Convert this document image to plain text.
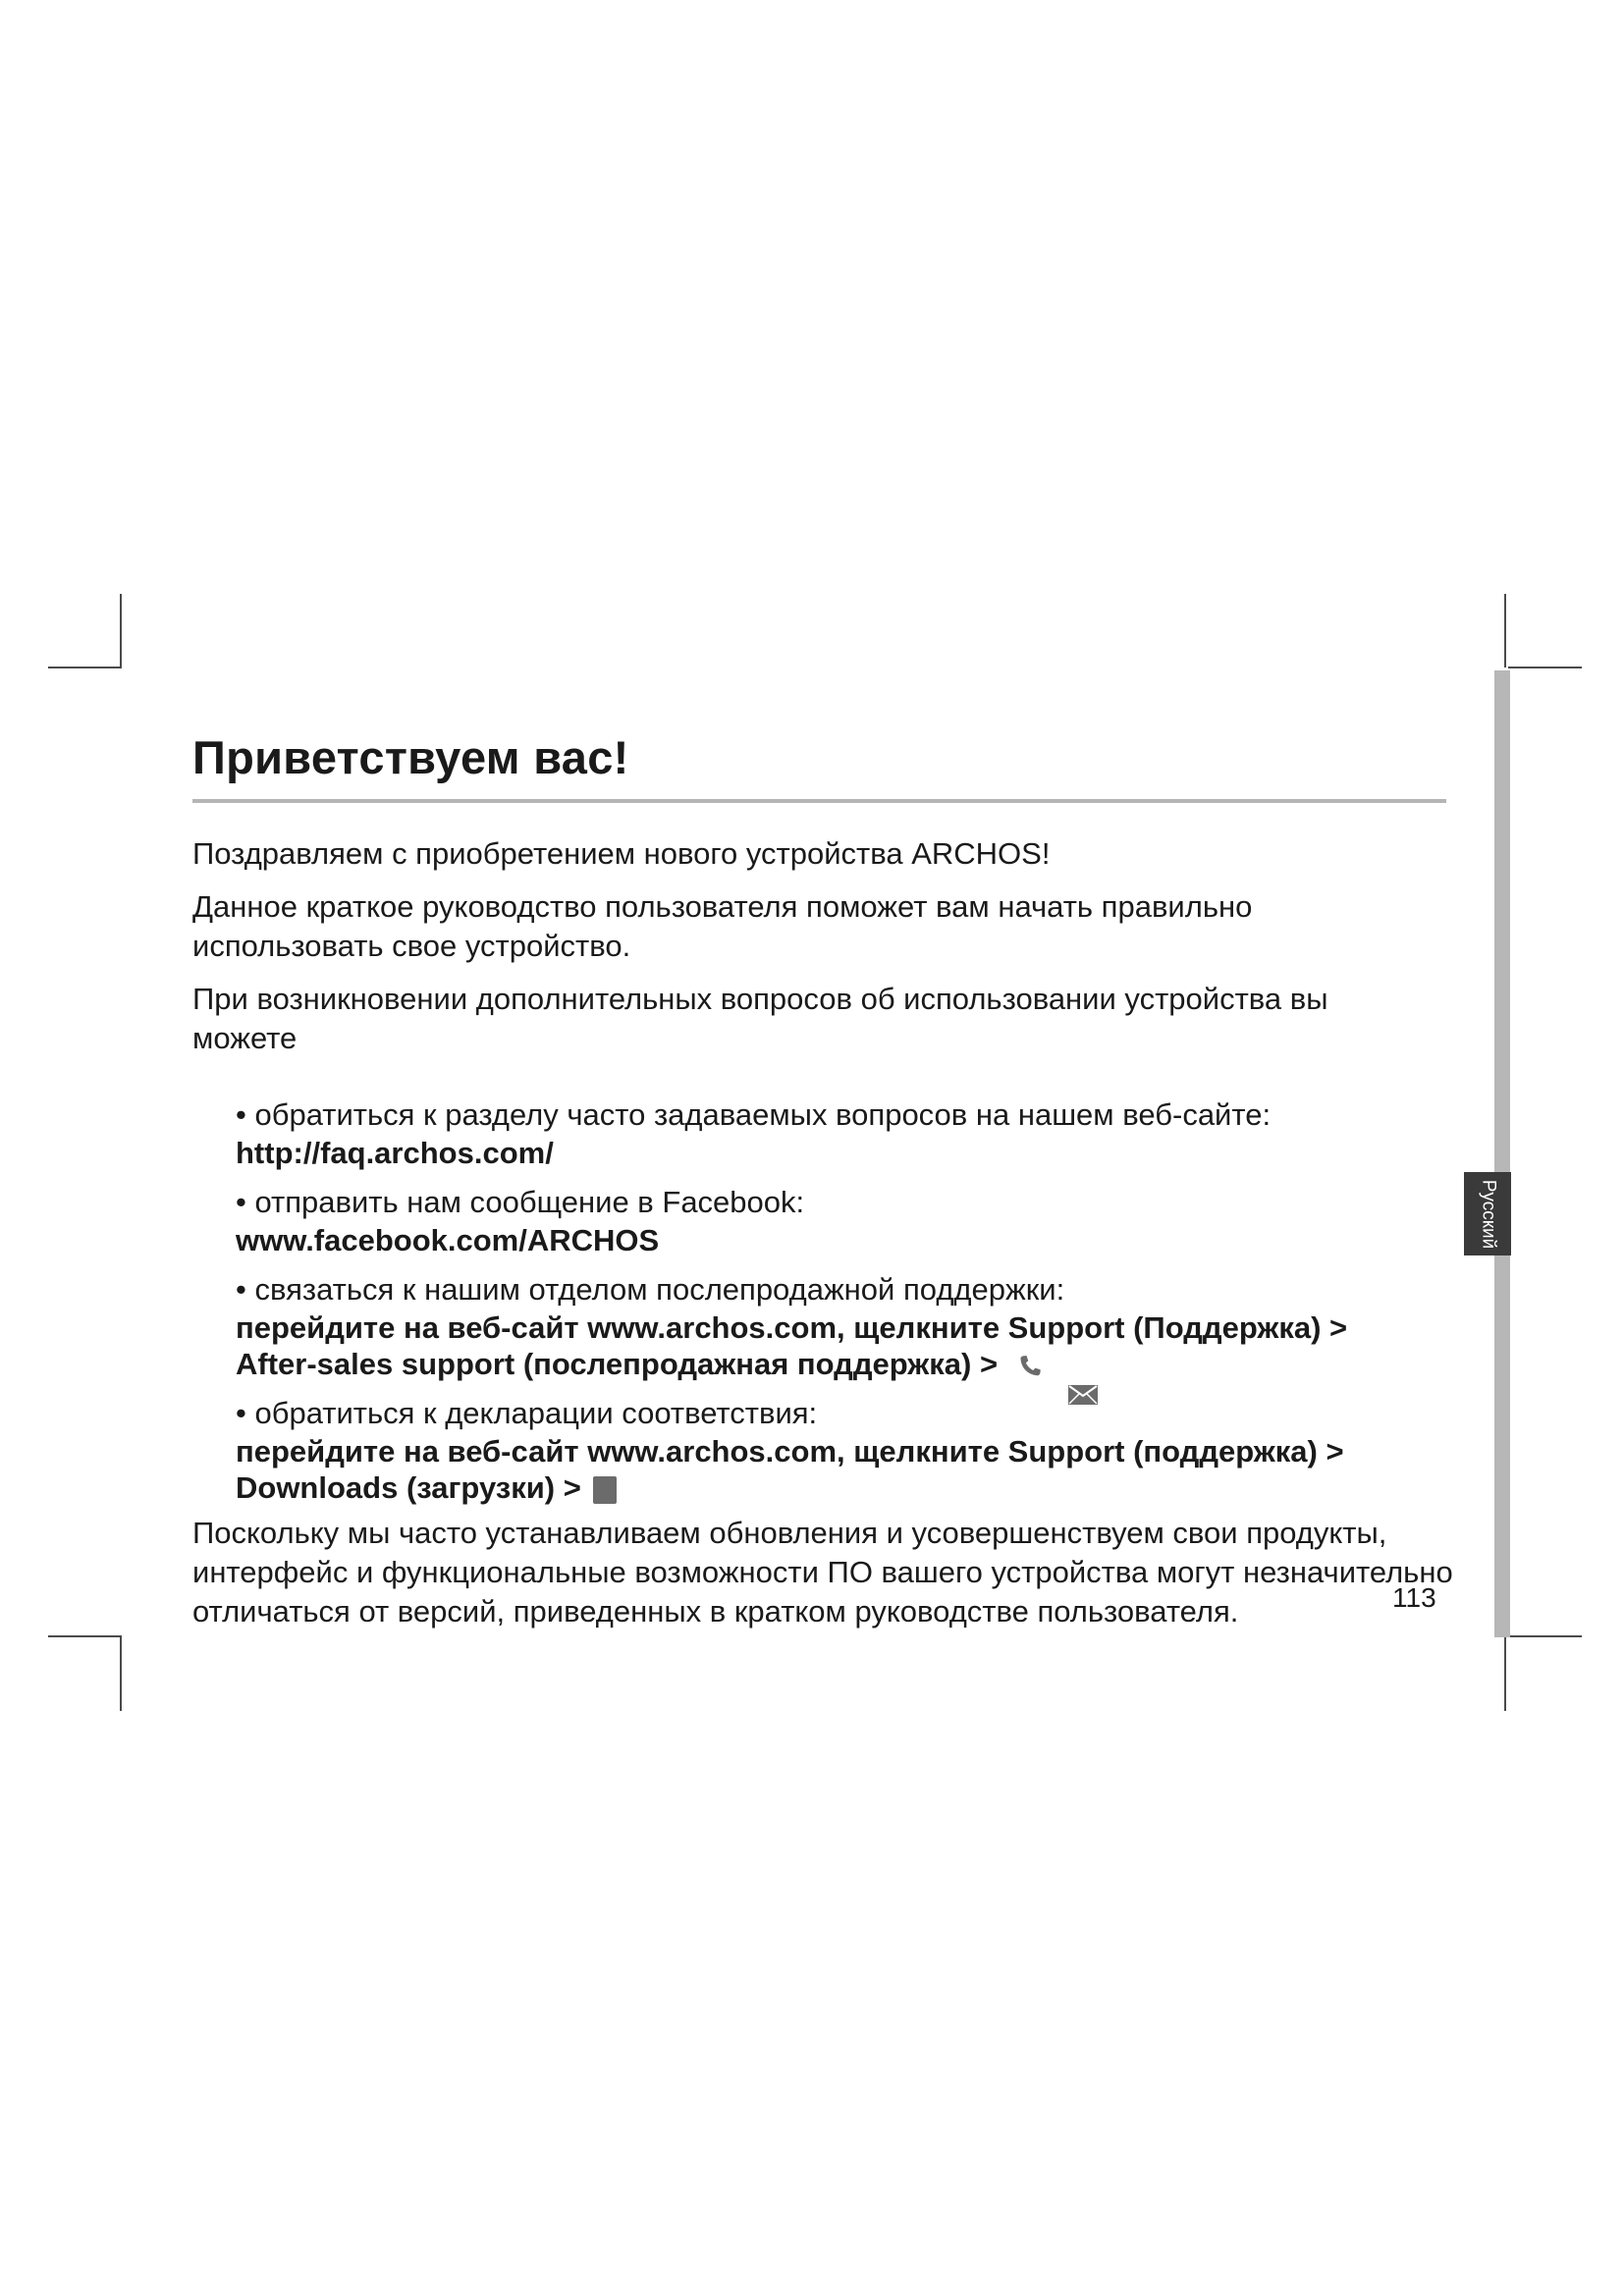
Русский
Приветствуем вас!

Поздравляем с приобретением нового устройства ARCHOS!

Данное краткое руководство пользователя поможет вам начать правильно использовать свое устройство.

При возникновении дополнительных вопросов об использовании устройства вы можете

• обратиться к разделу часто задаваемых вопросов на нашем веб-сайте:
http://faq.archos.com/
• отправить нам сообщение в Facebook:
www.facebook.com/ARCHOS
• связаться к нашим отделом послепродажной поддержки:
перейдите на веб-сайт www.archos.com, щелкните Support (Поддержка) >
After-sales support (послепродажная поддержка) >
• обратиться к декларации соответствия:
перейдите на веб-сайт www.archos.com, щелкните Support (поддержка) >
Downloads (загрузки) >

Поскольку мы часто устанавливаем обновления и усовершенствуем свои продукты, интерфейс и функциональные возможности ПО вашего устройства могут незначительно отличаться от версий, приведенных в кратком руководстве пользователя.	113
